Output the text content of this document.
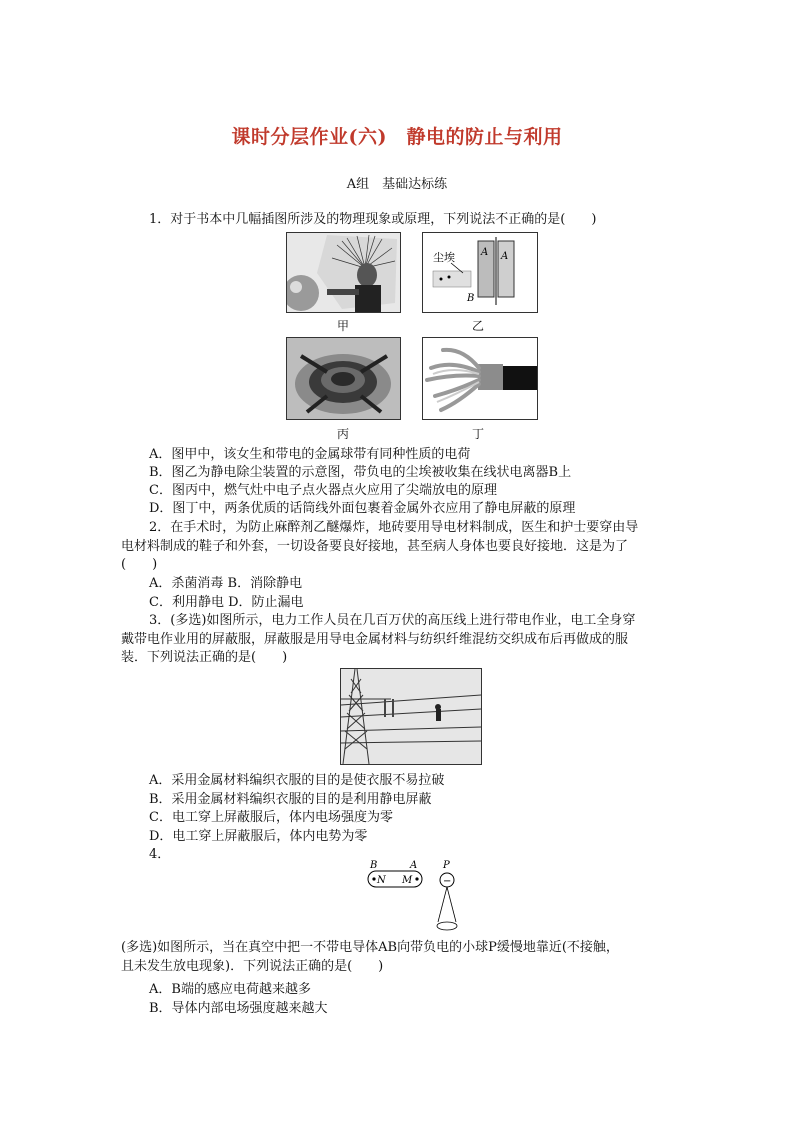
课时分层作业(六)　静电的防止与利用
A组　基础达标练
1．对于书本中几幅插图所涉及的物理现象或原理，下列说法不正确的是(　　)
甲
尘埃	A A
B
乙
丙	丁
A．图甲中，该女生和带电的金属球带有同种性质的电荷
B．图乙为静电除尘装置的示意图，带负电的尘埃被收集在线状电离器B上
C．图丙中，燃气灶中电子点火器点火应用了尖端放电的原理
D．图丁中，两条优质的话筒线外面包裹着金属外衣应用了静电屏蔽的原理
2．在手术时，为防止麻醉剂乙醚爆炸，地砖要用导电材料制成，医生和护士要穿由导
电材料制成的鞋子和外套，一切设备要良好接地，甚至病人身体也要良好接地．这是为了
(　　)
A．杀菌消毒 B．消除静电
C．利用静电 D．防止漏电
3．(多选)如图所示，电力工作人员在几百万伏的高压线上进行带电作业，电工全身穿
戴带电作业用的屏蔽服，屏蔽服是用导电金属材料与纺织纤维混纺交织成布后再做成的服
装．下列说法正确的是(　　)
A．采用金属材料编织衣服的目的是使衣服不易拉破
B．采用金属材料编织衣服的目的是利用静电屏蔽
C．电工穿上屏蔽服后，体内电场强度为零
D．电工穿上屏蔽服后，体内电势为零
4．
N M
B	A	P
−
(多选)如图所示，当在真空中把一不带电导体AB向带负电的小球P缓慢地靠近(不接触，
且未发生放电现象)．下列说法正确的是(　　)
A．B端的感应电荷越来越多
B．导体内部电场强度越来越大
